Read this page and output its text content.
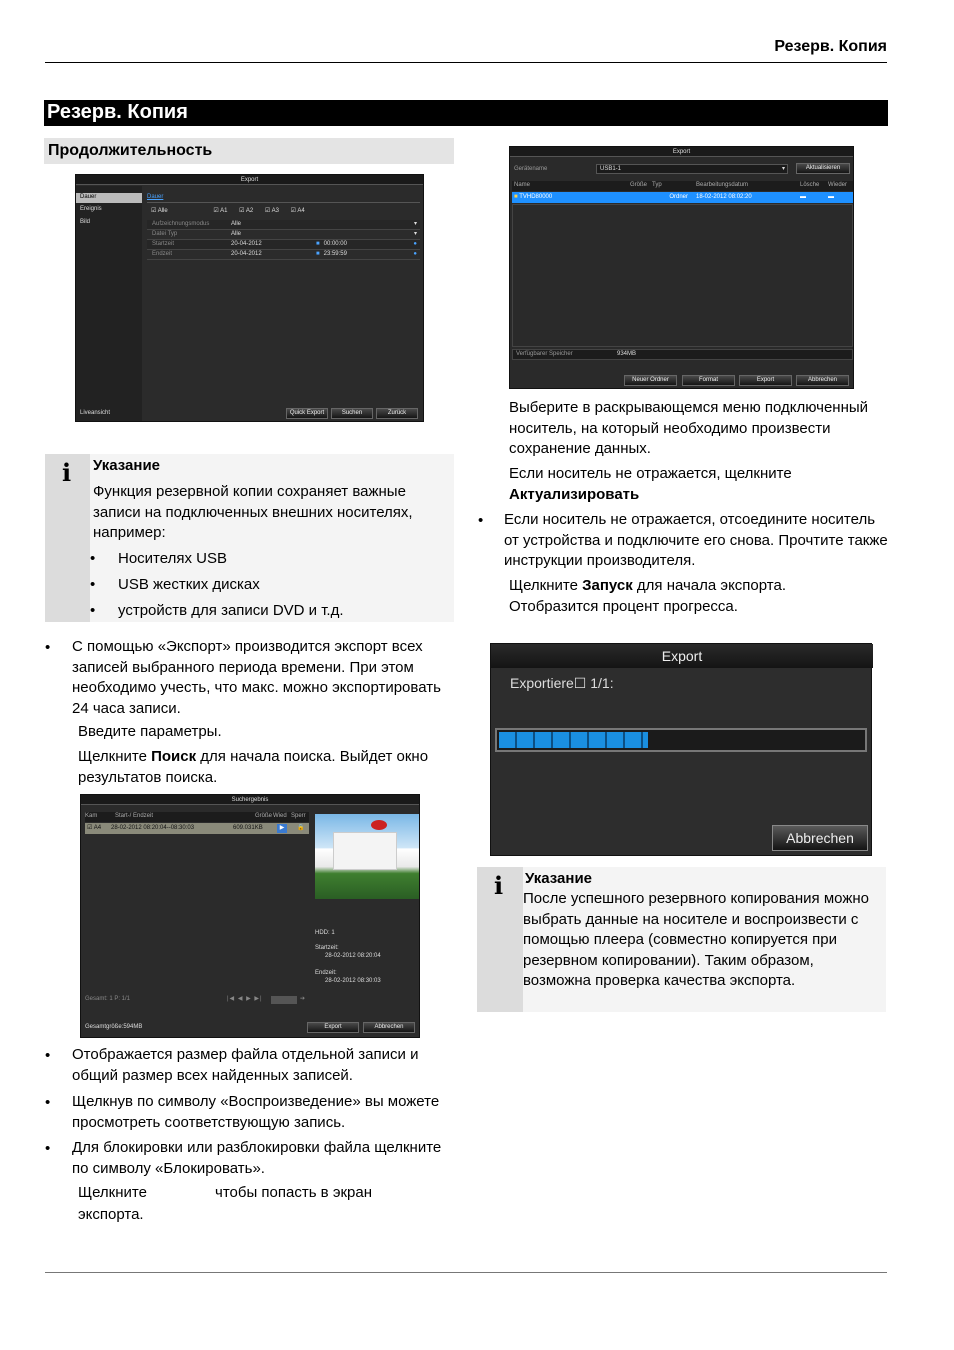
Резерв. Копия
Резерв. Копия
Продолжительность
Export
Dauer
Ereignis
Bild
Liveansicht
Dauer
☑ Alle	☑ A1 ☑ A2 ☑ A3 ☑ A4
Aufzeichnungsmodus	Alle	▾
Datei Typ	Alle	▾
Startzeit	20-04-2012	■ 00:00:00	●
Endzeit	20-04-2012	■ 23:59:59	●
Quick Export	Suchen	Zurück
i Указание
Функция резервной копии сохраняет важные записи на подключенных внешних носителях, например:
• Носителях USB
• USB жестких дисках
• устройств для записи DVD и т.д.
• С помощью «Экспорт» производится экспорт всех записей выбранного периода времени. При этом необходимо учесть, что макс. можно экспортировать 24 часа записи.
Введите параметры.
Щелкните Поиск для начала поиска. Выйдет окно результатов поиска.
Suchergebnis
Kam	Start-/ Endzeit	Größe Wied Sperr
☑ A4	28-02-2012 08:20:04--08:30:03	609.031KB	▶	🔒
HDD: 1
Startzeit:
28-02-2012 08:20:04
Endzeit:
28-02-2012 08:30:03
Gesamt: 1 P: 1/1	|◀ ◀ ▶ ▶|	➔
Gesamtgröße:594MB	Export	Abbrechen
• Отображается размер файла отдельной записи и общий размер всех найденных записей.
• Щелкнув по символу «Воспроизведение» вы можете просмотреть соответствующую запись.
• Для блокировки или разблокировки файла щелкните по символу «Блокировать».
Щелкните	чтобы попасть в экран
экспорта.
Export
Gerätename	USB1-1	▾	Aktualisieren
Name	Größe Typ	Bearbeitungsdatum	Lösche	Wieder
■ TVHD80000	Ordner	18-02-2012 08:02:20	▬	▬
Verfügbarer Speicher	934MB
Neuer Ordner	Format	Export	Abbrechen
Выберите в раскрывающемся меню подключенный носитель, на который необходимо произвести сохранение данных.
Если носитель не отражается, щелкните
Актуализировать
• Если носитель не отражается, отсоедините носитель от устройства и подключите его снова. Прочтите также инструкции производителя.
Щелкните Запуск для начала экспорта.
Отобразится процент прогресса.
Export
Exportiere☐ 1/1:
Abbrechen
i Указание
После успешного резервного копирования можно выбрать данные на носителе и воспроизвести с помощью плеера (совместно копируется при резервном копировании). Таким образом, возможна проверка качества экспорта.
